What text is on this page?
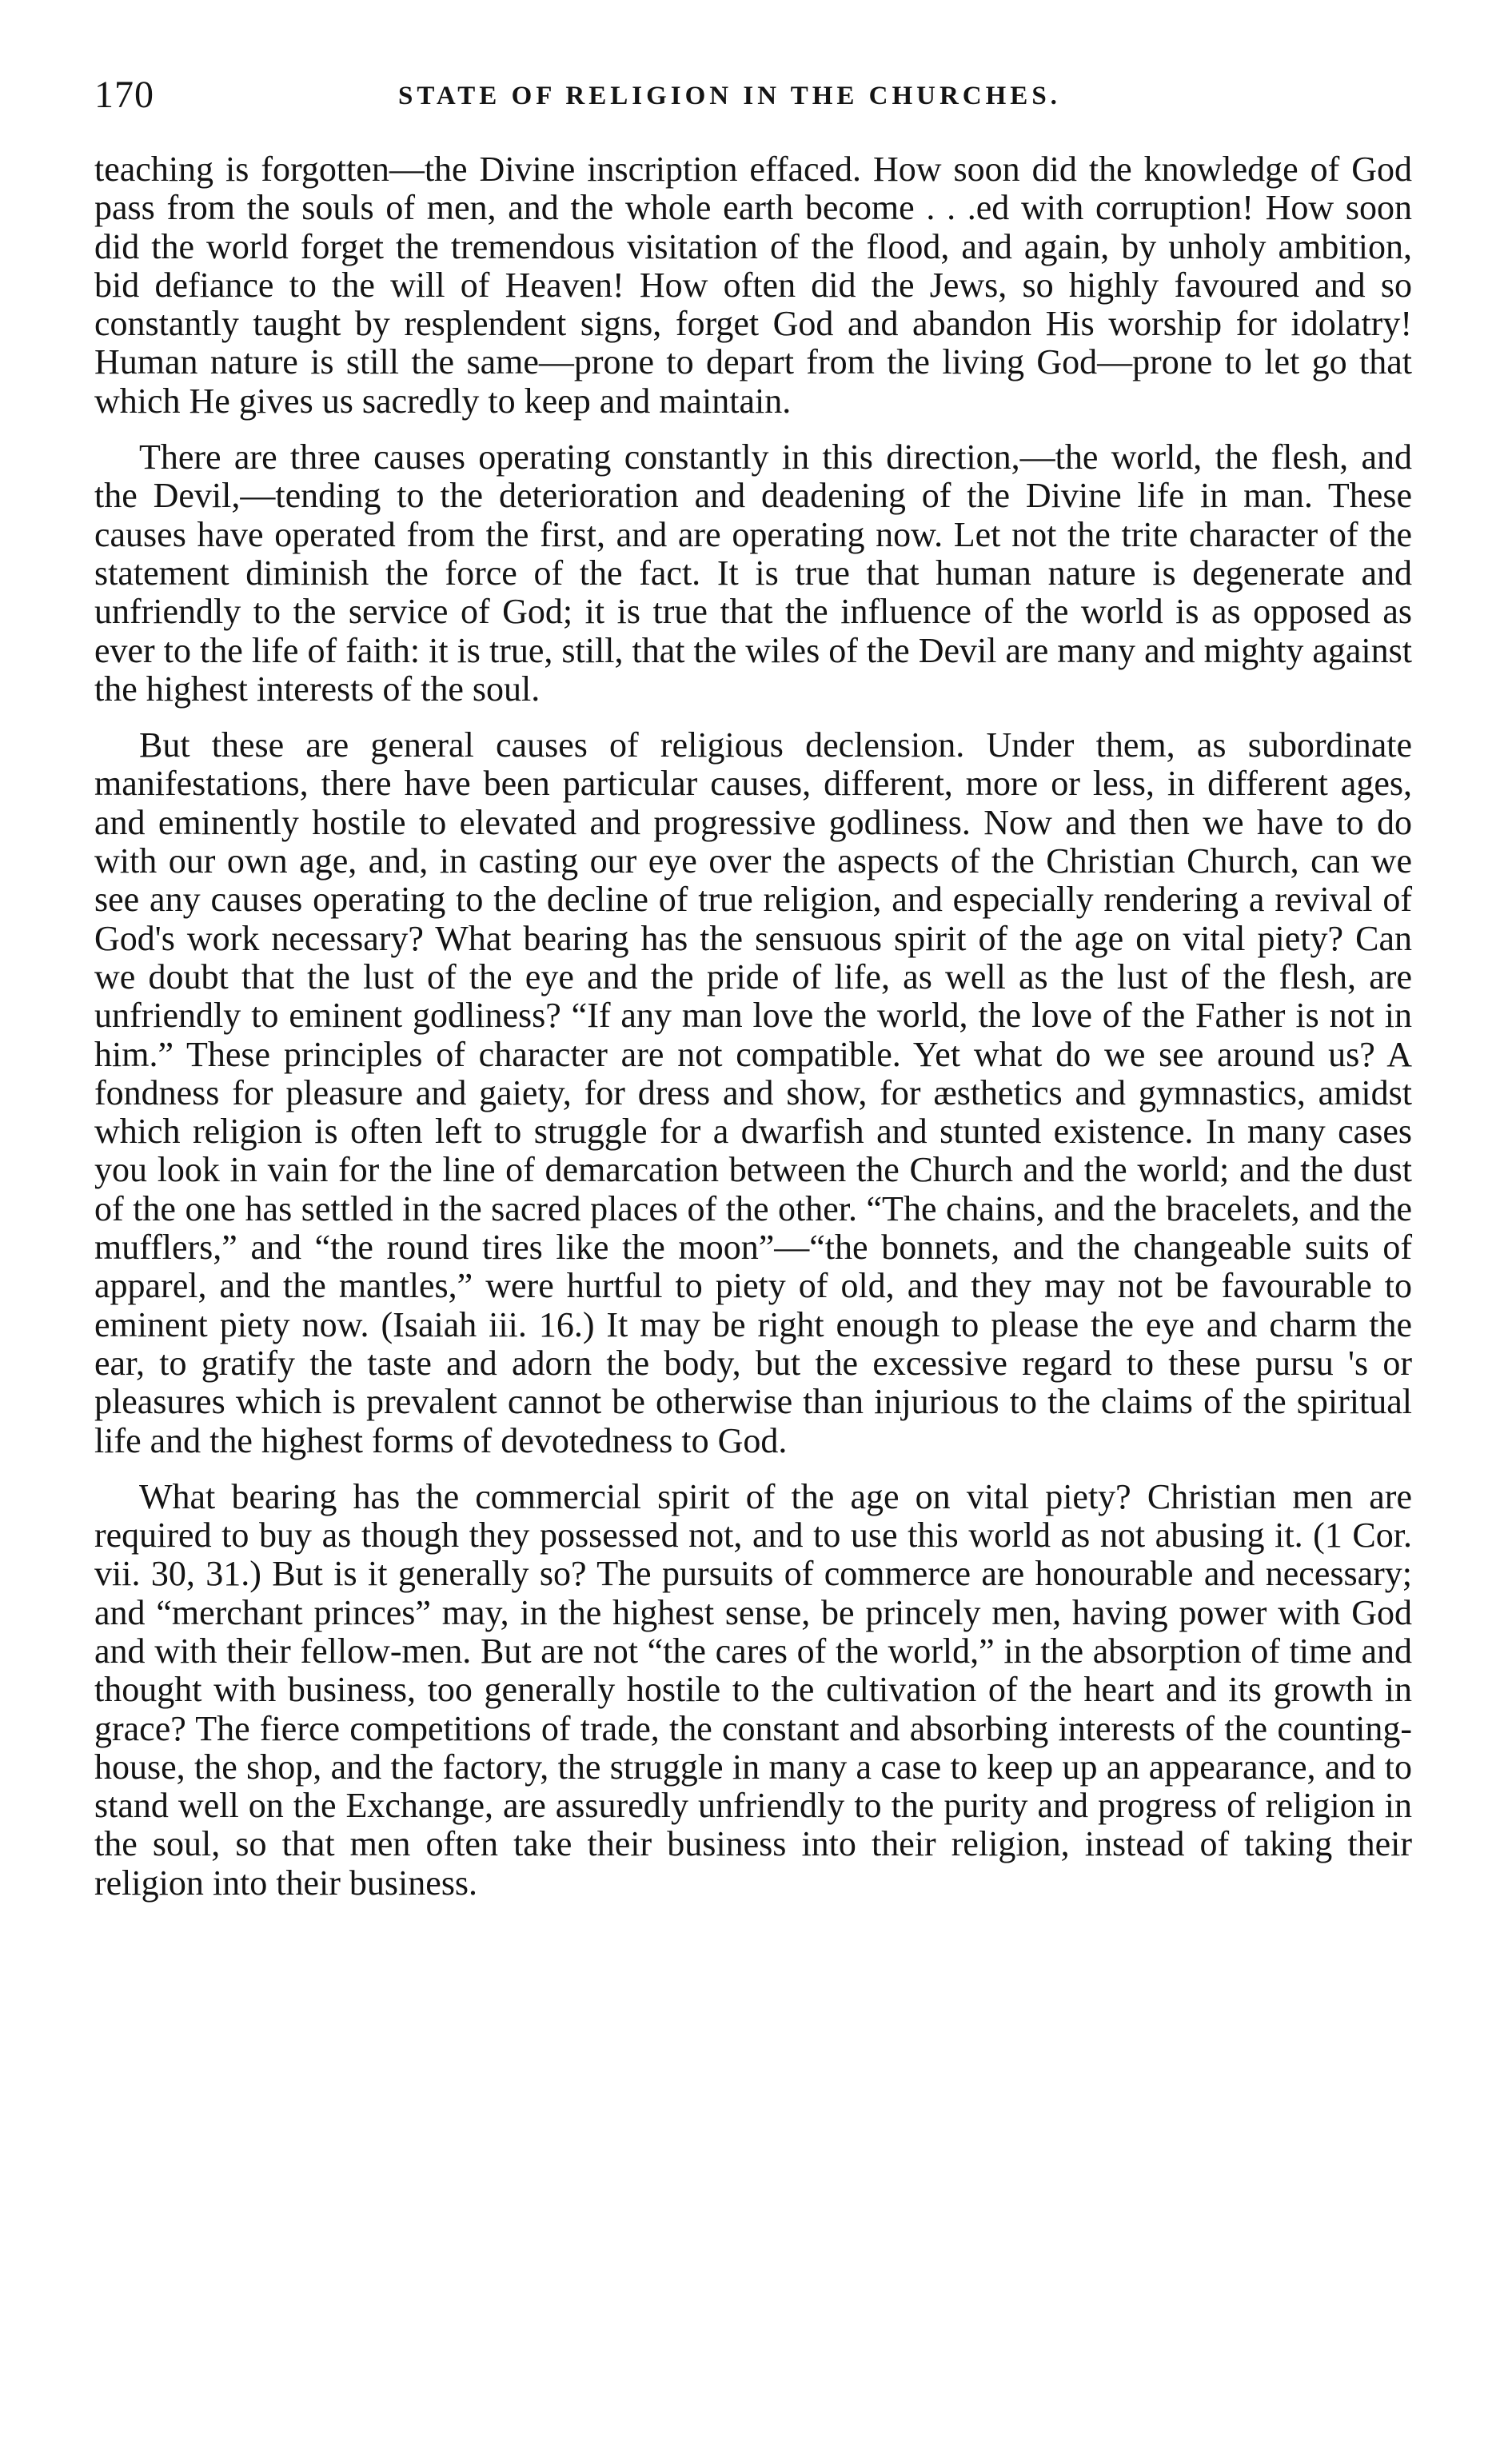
170	STATE OF RELIGION IN THE CHURCHES.

teaching is forgotten—the Divine inscription effaced. How soon did the knowledge of God pass from the souls of men, and the whole earth become . . .ed with corruption! How soon did the world forget the tremendous visitation of the flood, and again, by unholy ambition, bid defiance to the will of Heaven! How often did the Jews, so highly favoured and so constantly taught by resplendent signs, forget God and abandon His worship for idolatry! Human nature is still the same—prone to depart from the living God—prone to let go that which He gives us sacredly to keep and maintain.

There are three causes operating constantly in this direction,—the world, the flesh, and the Devil,—tending to the deterioration and deadening of the Divine life in man. These causes have operated from the first, and are operating now. Let not the trite character of the statement diminish the force of the fact. It is true that human nature is degenerate and unfriendly to the service of God; it is true that the influence of the world is as opposed as ever to the life of faith: it is true, still, that the wiles of the Devil are many and mighty against the highest interests of the soul.

But these are general causes of religious declension. Under them, as subordinate manifestations, there have been particular causes, different, more or less, in different ages, and eminently hostile to elevated and progressive godliness. Now and then we have to do with our own age, and, in casting our eye over the aspects of the Christian Church, can we see any causes operating to the decline of true religion, and especially rendering a revival of God's work necessary? What bearing has the sensuous spirit of the age on vital piety? Can we doubt that the lust of the eye and the pride of life, as well as the lust of the flesh, are unfriendly to eminent godliness? “If any man love the world, the love of the Father is not in him.” These principles of character are not compatible. Yet what do we see around us? A fondness for pleasure and gaiety, for dress and show, for æsthetics and gymnastics, amidst which religion is often left to struggle for a dwarfish and stunted existence. In many cases you look in vain for the line of demarcation between the Church and the world; and the dust of the one has settled in the sacred places of the other. “The chains, and the bracelets, and the mufflers,” and “the round tires like the moon”—“the bonnets, and the changeable suits of apparel, and the mantles,” were hurtful to piety of old, and they may not be favourable to eminent piety now. (Isaiah iii. 16.) It may be right enough to please the eye and charm the ear, to gratify the taste and adorn the body, but the excessive regard to these pursu 's or pleasures which is prevalent cannot be otherwise than injurious to the claims of the spiritual life and the highest forms of devotedness to God.

What bearing has the commercial spirit of the age on vital piety? Christian men are required to buy as though they possessed not, and to use this world as not abusing it. (1 Cor. vii. 30, 31.) But is it generally so? The pursuits of commerce are honourable and necessary; and “merchant princes” may, in the highest sense, be princely men, having power with God and with their fellow-men. But are not “the cares of the world,” in the absorption of time and thought with business, too generally hostile to the cultivation of the heart and its growth in grace? The fierce competitions of trade, the constant and absorbing interests of the counting-house, the shop, and the factory, the struggle in many a case to keep up an appearance, and to stand well on the Exchange, are assuredly unfriendly to the purity and progress of religion in the soul, so that men often take their business into their religion, instead of taking their religion into their business.
